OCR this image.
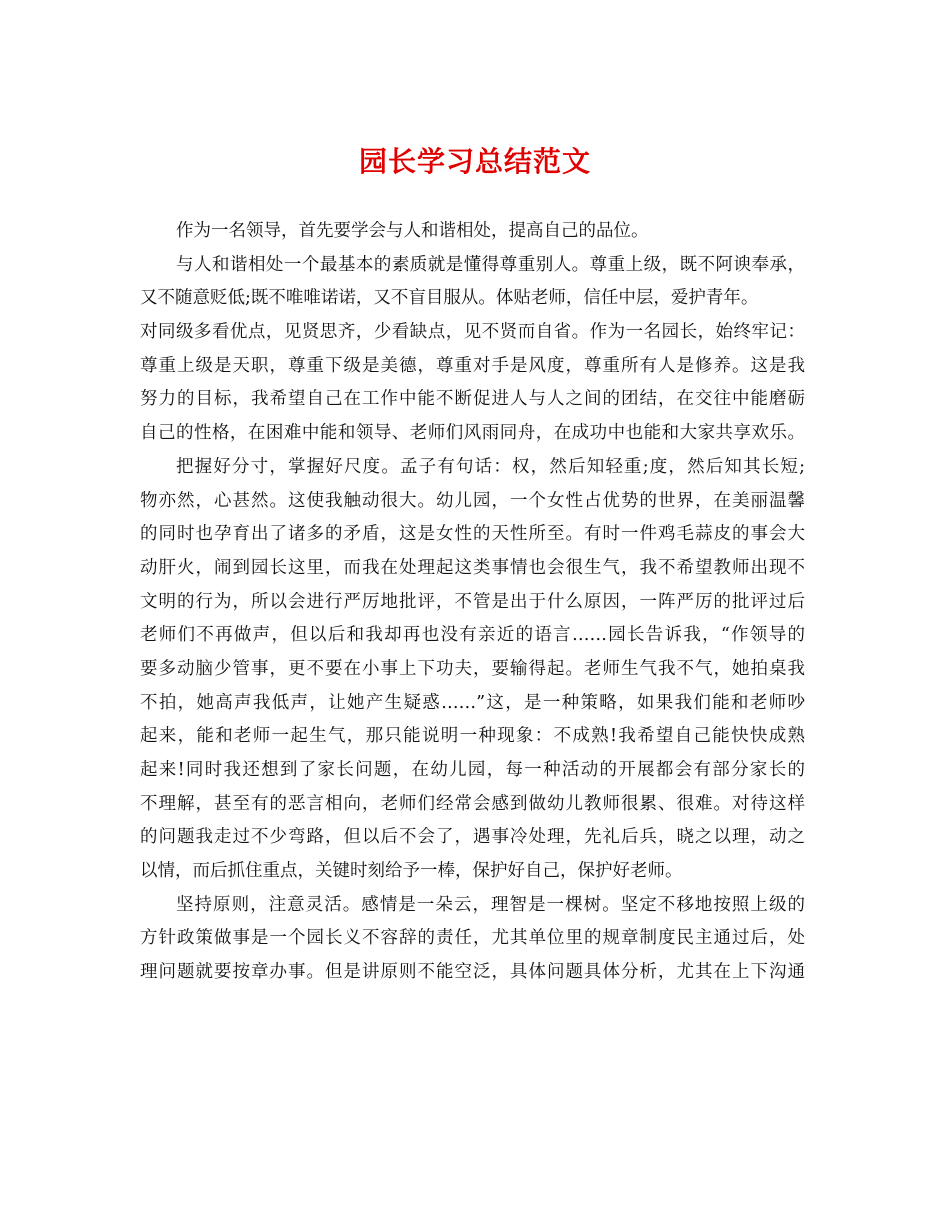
园长学习总结范文
作为一名领导，首先要学会与人和谐相处，提高自己的品位。
与人和谐相处一个最基本的素质就是懂得尊重别人。尊重上级，既不阿谀奉承，
又不随意贬低;既不唯唯诺诺，又不盲目服从。体贴老师，信任中层，爱护青年。
对同级多看优点，见贤思齐，少看缺点，见不贤而自省。作为一名园长，始终牢记：
尊重上级是天职，尊重下级是美德，尊重对手是风度，尊重所有人是修养。这是我
努力的目标，我希望自己在工作中能不断促进人与人之间的团结，在交往中能磨砺
自己的性格，在困难中能和领导、老师们风雨同舟，在成功中也能和大家共享欢乐。
把握好分寸，掌握好尺度。孟子有句话：权，然后知轻重;度，然后知其长短;
物亦然，心甚然。这使我触动很大。幼儿园，一个女性占优势的世界，在美丽温馨
的同时也孕育出了诸多的矛盾，这是女性的天性所至。有时一件鸡毛蒜皮的事会大
动肝火，闹到园长这里，而我在处理起这类事情也会很生气，我不希望教师出现不
文明的行为，所以会进行严厉地批评，不管是出于什么原因，一阵严厉的批评过后
老师们不再做声，但以后和我却再也没有亲近的语言……园长告诉我，“作领导的
要多动脑少管事，更不要在小事上下功夫，要输得起。老师生气我不气，她拍桌我
不拍，她高声我低声，让她产生疑惑……”这，是一种策略，如果我们能和老师吵
起来，能和老师一起生气，那只能说明一种现象：不成熟!我希望自己能快快成熟
起来!同时我还想到了家长问题，在幼儿园，每一种活动的开展都会有部分家长的
不理解，甚至有的恶言相向，老师们经常会感到做幼儿教师很累、很难。对待这样
的问题我走过不少弯路，但以后不会了，遇事冷处理，先礼后兵，晓之以理，动之
以情，而后抓住重点，关键时刻给予一棒，保护好自己，保护好老师。
坚持原则，注意灵活。感情是一朵云，理智是一棵树。坚定不移地按照上级的
方针政策做事是一个园长义不容辞的责任，尤其单位里的规章制度民主通过后，处
理问题就要按章办事。但是讲原则不能空泛，具体问题具体分析，尤其在上下沟通
